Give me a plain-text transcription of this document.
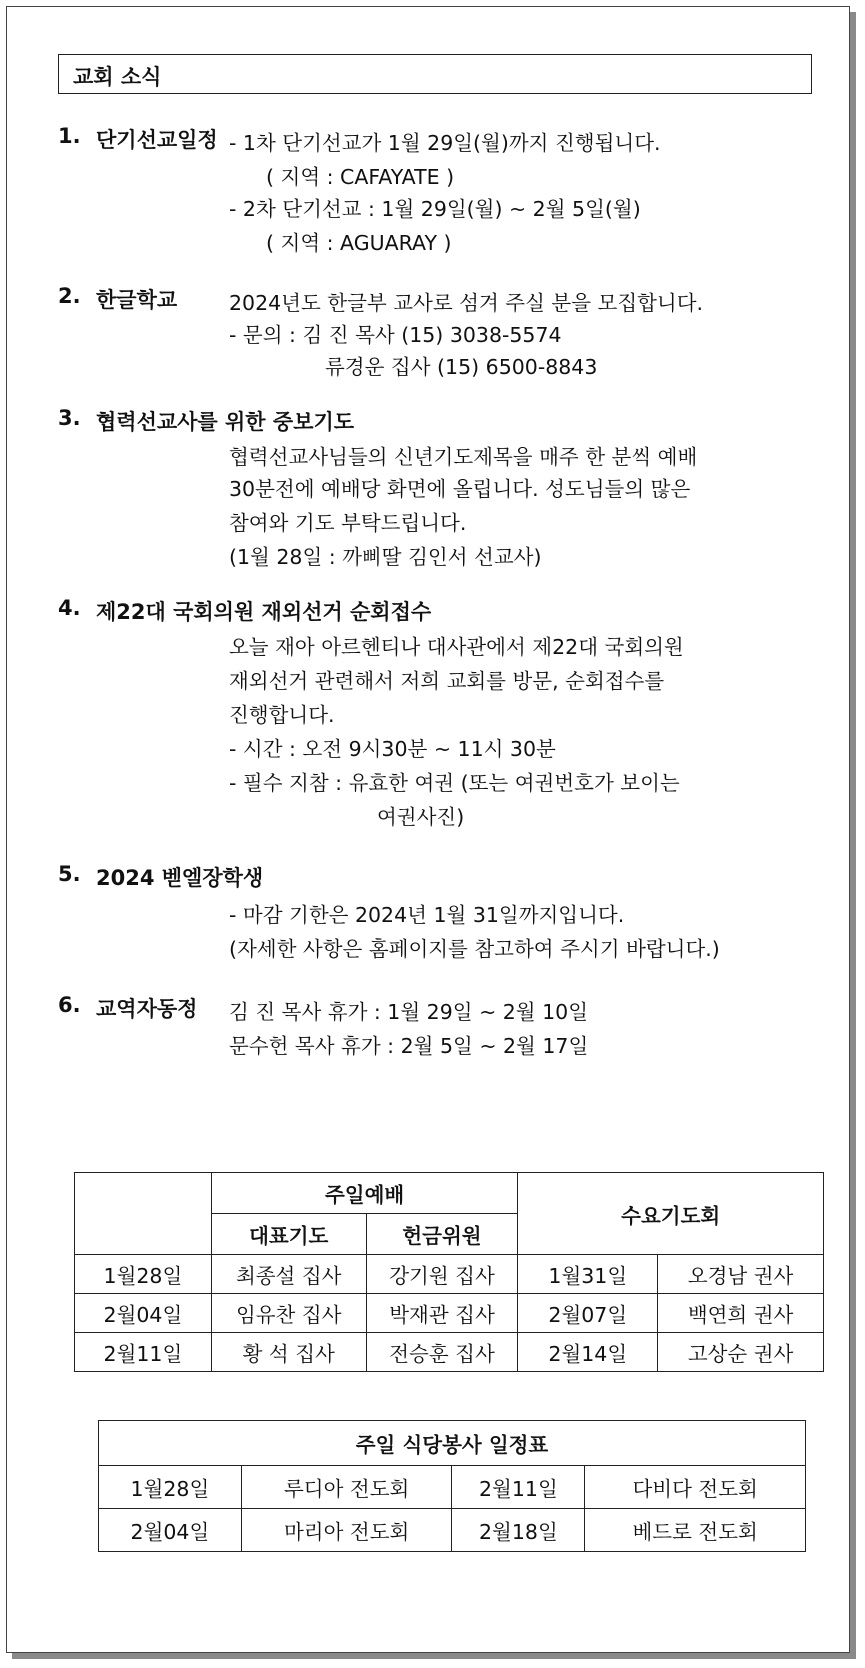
교회 소식
1. 단기선교일정 - 1차 단기선교가 1월 29일(월)까지 진행됩니다.
( 지역 : CAFAYATE )
- 2차 단기선교 : 1월 29일(월) ~ 2월 5일(월)
( 지역 : AGUARAY )
2. 한글학교	2024년도 한글부 교사로 섬겨 주실 분을 모집합니다.
- 문의 : 김 진 목사 (15) 3038-5574
류경운 집사 (15) 6500-8843
3. 협력선교사를 위한 중보기도
협력선교사님들의 신년기도제목을 매주 한 분씩 예배
30분전에 예배당 화면에 올립니다. 성도님들의 많은
참여와 기도 부탁드립니다.
(1월 28일 : 까삐딸 김인서 선교사)
4. 제22대 국회의원 재외선거 순회접수
오늘 재아 아르헨티나 대사관에서 제22대 국회의원
재외선거 관련해서 저희 교회를 방문, 순회접수를
진행합니다.
- 시간 : 오전 9시30분 ~ 11시 30분
- 필수 지참 : 유효한 여권 (또는 여권번호가 보이는
여권사진)
5. 2024 벧엘장학생
- 마감 기한은 2024년 1월 31일까지입니다.
(자세한 사항은 홈페이지를 참고하여 주시기 바랍니다.)
6. 교역자동정 김 진 목사 휴가 : 1월 29일 ~ 2월 10일
문수헌 목사 휴가 : 2월 5일 ~ 2월 17일
	주일예배		수요기도회	
	대표기도	헌금위원		
1월28일	최종설 집사	강기원 집사	1월31일	오경남 권사
2월04일	임유찬 집사	박재관 집사	2월07일	백연희 권사
2월11일	황 석 집사	전승훈 집사	2월14일	고상순 권사
주일 식당봉사 일정표			
1월28일	루디아 전도회	2월11일	다비다 전도회
2월04일	마리아 전도회	2월18일	베드로 전도회
